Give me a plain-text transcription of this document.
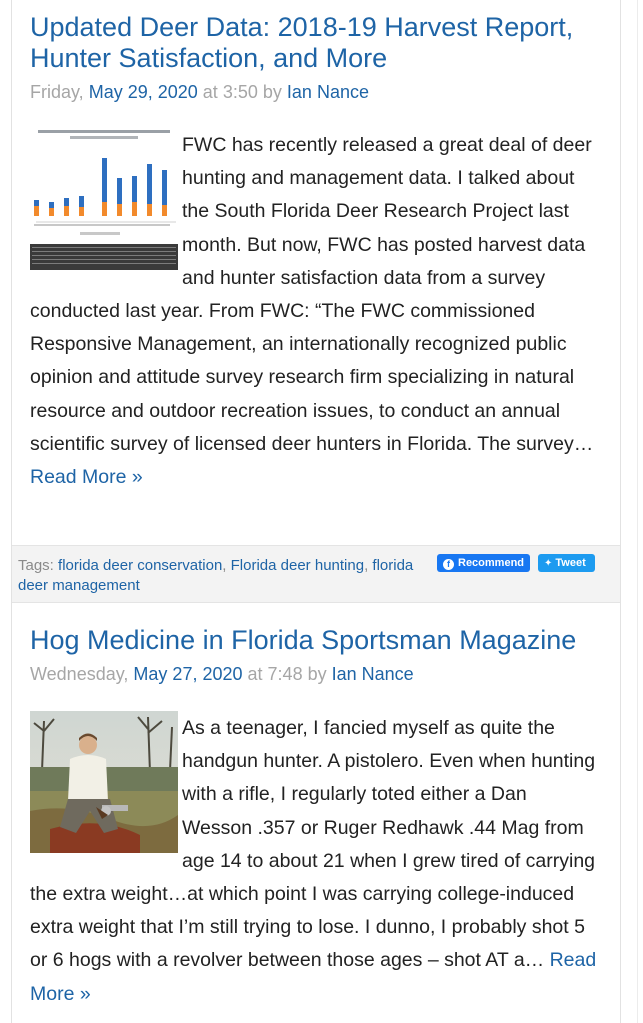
Updated Deer Data: 2018-19 Harvest Report, Hunter Satisfaction, and More
Friday, May 29, 2020 at 3:50 by Ian Nance
FWC has recently released a great deal of deer hunting and management data. I talked about the South Florida Deer Research Project last month. But now, FWC has posted harvest data and hunter satisfaction data from a survey conducted last year. From FWC: “The FWC commissioned Responsive Management, an internationally recognized public opinion and attitude survey research firm specializing in natural resource and outdoor recreation issues, to conduct an annual scientific survey of licensed deer hunters in Florida. The survey…
Read More »
Tags: florida deer conservation, Florida deer hunting, florida deer management
f Recommend	✦ Tweet
Hog Medicine in Florida Sportsman Magazine
Wednesday, May 27, 2020 at 7:48 by Ian Nance
As a teenager, I fancied myself as quite the handgun hunter. A pistolero. Even when hunting with a rifle, I regularly toted either a Dan Wesson .357 or Ruger Redhawk .44 Mag from age 14 to about 21 when I grew tired of carrying the extra weight…at which point I was carrying college-induced extra weight that I’m still trying to lose. I dunno, I probably shot 5 or 6 hogs with a revolver between those ages – shot AT a… Read More »
